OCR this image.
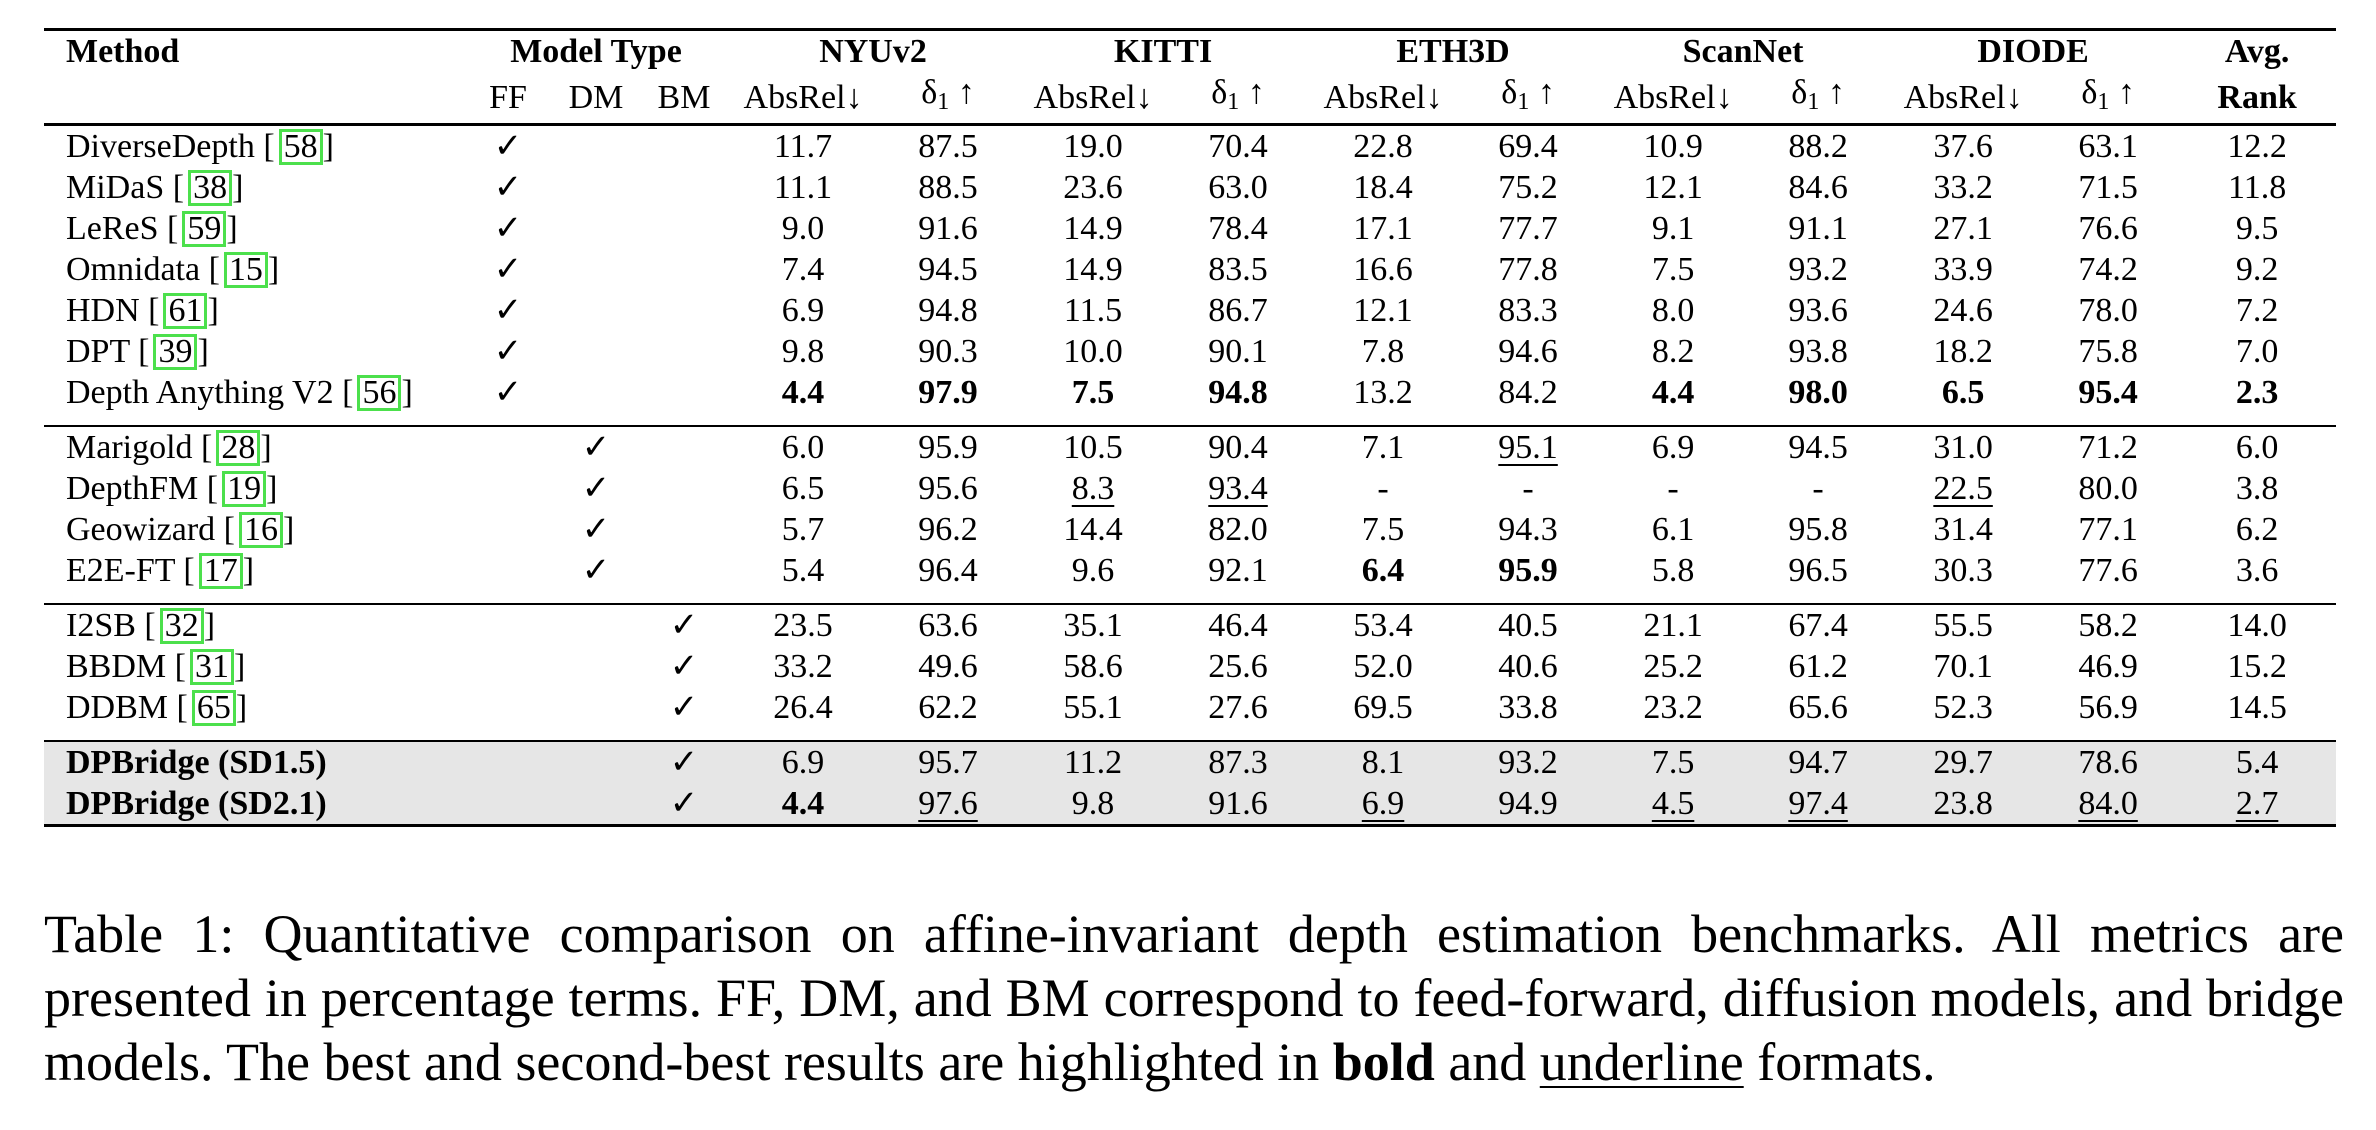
Method	Model Type			NYUv2		KITTI		ETH3D		ScanNet		DIODE		Avg.
	FF	DM	BM	AbsRel↓	$\delta_1$ ↑	AbsRel↓	$\delta_1$ ↑	AbsRel↓	$\delta_1$ ↑	AbsRel↓	$\delta_1$ ↑	AbsRel↓	$\delta_1$ ↑	Rank
DiverseDepth [ 58 ]	✓			11.7	87.5	19.0	70.4	22.8	69.4	10.9	88.2	37.6	63.1	12.2
MiDaS [ 38 ]	✓			11.1	88.5	23.6	63.0	18.4	75.2	12.1	84.6	33.2	71.5	11.8
LeReS [ 59 ]	✓			9.0	91.6	14.9	78.4	17.1	77.7	9.1	91.1	27.1	76.6	9.5
Omnidata [ 15 ]	✓			7.4	94.5	14.9	83.5	16.6	77.8	7.5	93.2	33.9	74.2	9.2
HDN [ 61 ]	✓			6.9	94.8	11.5	86.7	12.1	83.3	8.0	93.6	24.6	78.0	7.2
DPT [ 39 ]	✓			9.8	90.3	10.0	90.1	7.8	94.6	8.2	93.8	18.2	75.8	7.0
Depth Anything V2 [ 56 ]	✓			4.4	97.9	7.5	94.8	13.2	84.2	4.4	98.0	6.5	95.4	2.3

Marigold [ 28 ]		✓		6.0	95.9	10.5	90.4	7.1	95.1	6.9	94.5	31.0	71.2	6.0
DepthFM [ 19 ]		✓		6.5	95.6	8.3	93.4	-	-	-	-	22.5	80.0	3.8
Geowizard [ 16 ]		✓		5.7	96.2	14.4	82.0	7.5	94.3	6.1	95.8	31.4	77.1	6.2
E2E-FT [ 17 ]		✓		5.4	96.4	9.6	92.1	6.4	95.9	5.8	96.5	30.3	77.6	3.6

I2SB [ 32 ]			✓	23.5	63.6	35.1	46.4	53.4	40.5	21.1	67.4	55.5	58.2	14.0
BBDM [ 31 ]			✓	33.2	49.6	58.6	25.6	52.0	40.6	25.2	61.2	70.1	46.9	15.2
DDBM [ 65 ]			✓	26.4	62.2	55.1	27.6	69.5	33.8	23.2	65.6	52.3	56.9	14.5

DPBridge (SD1.5)			✓	6.9	95.7	11.2	87.3	8.1	93.2	7.5	94.7	29.7	78.6	5.4
DPBridge (SD2.1)			✓	4.4	97.6	9.8	91.6	6.9	94.9	4.5	97.4	23.8	84.0	2.7
Table 1: Quantitative comparison on affine-invariant depth estimation benchmarks. All metrics are presented in percentage terms. FF, DM, and BM correspond to feed-forward, diffusion models, and bridge models. The best and second-best results are highlighted in bold and underline formats.
